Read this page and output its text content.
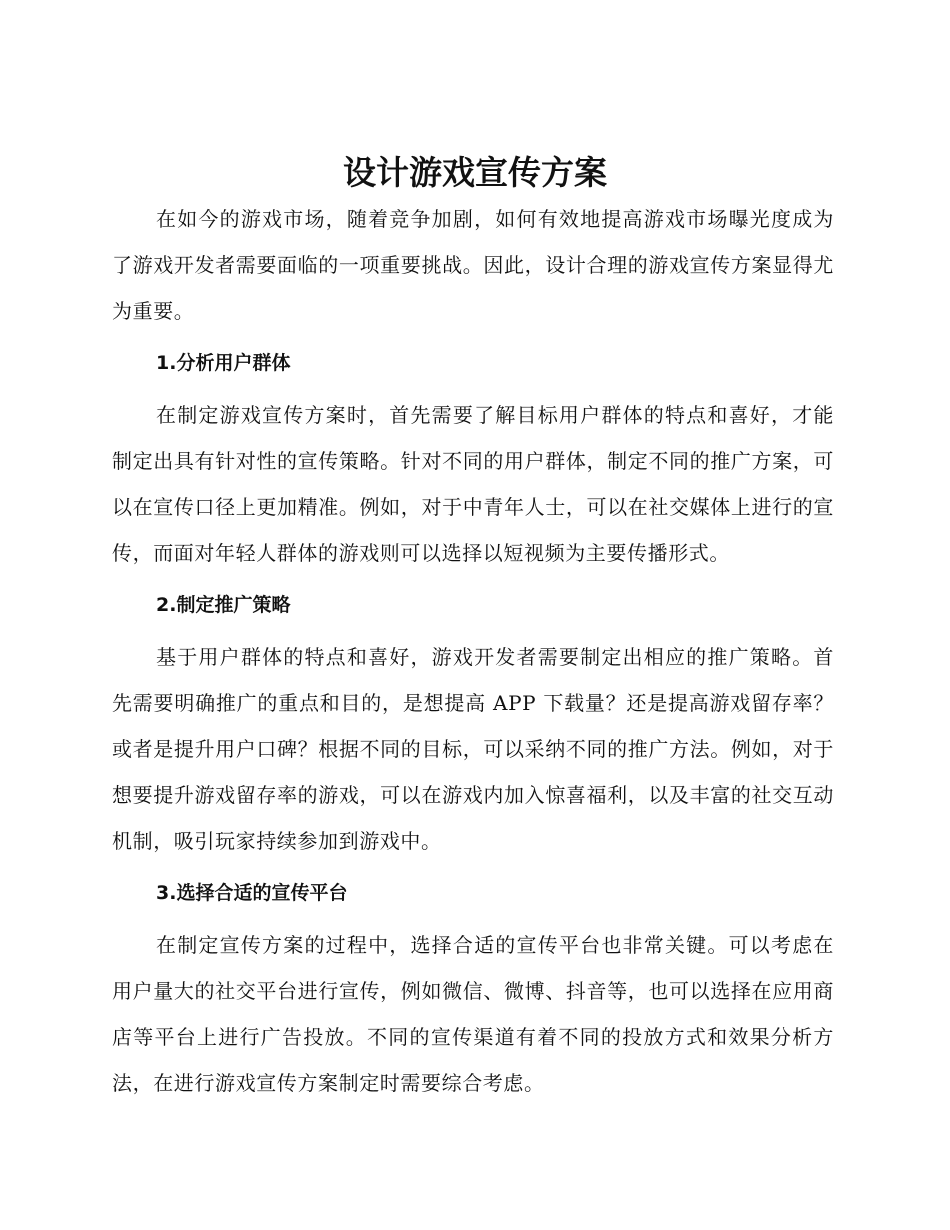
设计游戏宣传方案

在如今的游戏市场，随着竞争加剧，如何有效地提高游戏市场曝光度成为了游戏开发者需要面临的一项重要挑战。因此，设计合理的游戏宣传方案显得尤为重要。

1.分析用户群体

在制定游戏宣传方案时，首先需要了解目标用户群体的特点和喜好，才能制定出具有针对性的宣传策略。针对不同的用户群体，制定不同的推广方案，可以在宣传口径上更加精准。例如，对于中青年人士，可以在社交媒体上进行的宣传，而面对年轻人群体的游戏则可以选择以短视频为主要传播形式。

2.制定推广策略

基于用户群体的特点和喜好，游戏开发者需要制定出相应的推广策略。首先需要明确推广的重点和目的，是想提高 APP 下载量？还是提高游戏留存率？或者是提升用户口碑？根据不同的目标，可以采纳不同的推广方法。例如，对于想要提升游戏留存率的游戏，可以在游戏内加入惊喜福利，以及丰富的社交互动机制，吸引玩家持续参加到游戏中。

3.选择合适的宣传平台

在制定宣传方案的过程中，选择合适的宣传平台也非常关键。可以考虑在用户量大的社交平台进行宣传，例如微信、微博、抖音等，也可以选择在应用商店等平台上进行广告投放。不同的宣传渠道有着不同的投放方式和效果分析方法，在进行游戏宣传方案制定时需要综合考虑。
